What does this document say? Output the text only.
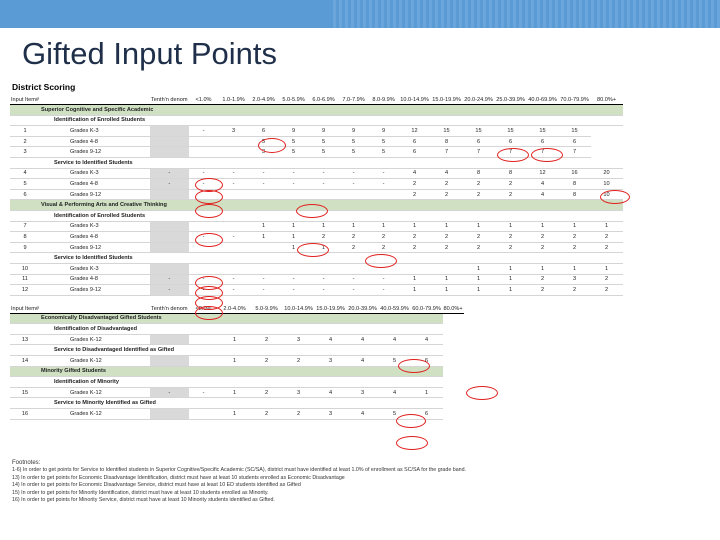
Gifted Input Points
District Scoring
Input Item#		Tenth'n denom	<1.0%	1.0-1.9%	2.0-4.9%	5.0-5.9%	6.0-6.9%	7.0-7.9%	8.0-9.9%	10.0-14.9%	15.0-19.9%	20.0-24.9%	25.0-39.9%	40.0-69.9%	70.0-79.9%	80.0%+
	Superior Cognitive and Specific Academic															
	Identification of Enrolled Students															
1	Grades K-3		-	3	6	9	9	9	9	12	15	15	15	15	15	
2	Grades 4-8				5	5	5	5	5	6	8	6	6	6	6	
3	Grades 9-12				3	5	5	5	5	6	7	7	7	7	7	
	Service to Identified Students															
4	Grades K-3	-	-	-	-	-	-	-	-	4	4	8	8	12	16	20
5	Grades 4-8	-	-	-	-	-	-	-	-	2	2	2	2	4	8	10
6	Grades 9-12									2	2	2	2	4	8	10
	Visual & Performing Arts and Creative Thinking															
	Identification of Enrolled Students															
7	Grades K-3				1	1	1	1	1	1	1	1	1	1	1	1
8	Grades 4-8		-	-	1	1	2	2	2	2	2	2	2	2	2	2
9	Grades 9-12					1	1	2	2	2	2	2	2	2	2	2
	Service to Identified Students															
10	Grades K-3											1	1	1	1	1
11	Grades 4-8	-	-	-	-	-	-	-	-	1	1	1	1	2	3	2
12	Grades 9-12	-	-	-	-	-	-	-	-	1	1	1	1	2	2	2
Input Item#		Tenth'n denom	<2.0%	2.0-4.0%	5.0-9.9%	10.0-14.9%	15.0-19.9%	20.0-39.9%	40.0-59.9%	60.0-79.9%	80.0%+
	Economically Disadvantaged Gifted Students										
	Identification of Disadvantaged										
13	Grades K-12			1	2	3	4	4	4	4	
	Service to Disadvantaged Identified as Gifted										
14	Grades K-12			1	2	2	3	4	5	6	
	Minority Gifted Students										
	Identification of Minority										
15	Grades K-12	-	-	1	2	3	4	3	4	1	
	Service to Minority Identified as Gifted										
16	Grades K-12			1	2	2	3	4	5	6	
Footnotes:
1-6) In order to get points for Service to Identified students in Superior Cognitive/Specific Academic (SC/SA), district must have identified at least 1.0% of enrollment as SC/SA for the grade band.
13) In order to get points for Economic Disadvantage Identification, district must have at least 10 students enrolled as Economic Disadvantage
14) In order to get points for Economic Disadvantage Service, district must have at least 10 ED students identified as Gifted
15) In order to get points for Minority Identification, district must have at least 10 students enrolled as Minority.
16) In order to get points for Minority Service, district must have at least 10 Minority students identified as Gifted.
